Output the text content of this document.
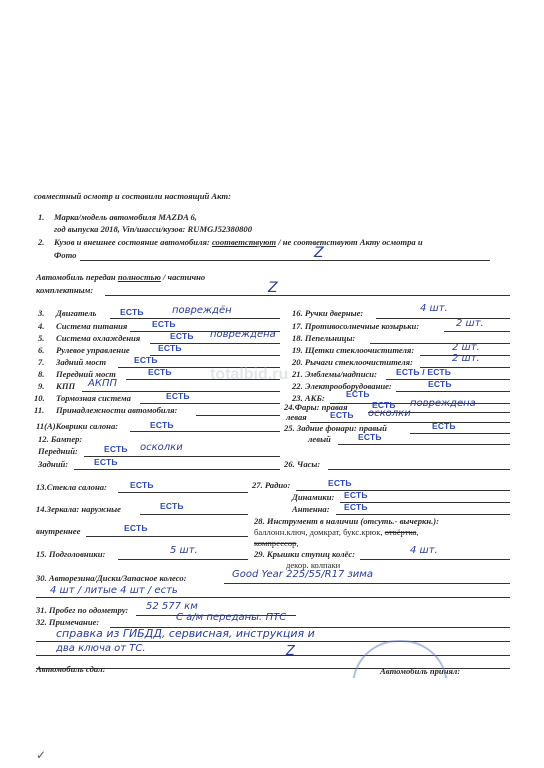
совместный осмотр и составили настоящий Акт:
1. Марка/модель автомобиля MAZDA 6,
год выпуска 2018, Vin/шасси/кузов: RUMGJ52380800
2. Кузов и внешнее состояние автомобиля: соответствуют / не соответствуют Акту осмотра и
Фото	Z
Автомобиль передан полностью / частично
комплектным:	Z
3. Двигатель	ЕСТЬ	повреждён
4. Система питания	ЕСТЬ
5. Система охлаждения	ЕСТЬ повреждена
6. Рулевое управление	ЕСТЬ
7. Задний мост	ЕСТЬ
8. Передний мост	ЕСТЬ
9. КПП АКПП
10. Тормозная система	ЕСТЬ
11. Принадлежности автомобиля:
16. Ручки дверные:	4 шт.
17. Противосолнечные козырьки:	2 шт.
18. Пепельницы:
19. Щетки стеклоочистителя:	2 шт.
20. Рычаги стеклоочистителя:	2 шт.
21. Эмблемы/надписи: ЕСТЬ / ЕСТЬ
22. Электрооборудование:	ЕСТЬ
23. АКБ: ЕСТЬ
24.Фары: правая	ЕСТЬ повреждена
левая	ЕСТЬ осколки
11(А)Коврики салона:	ЕСТЬ	25. Задние фонари: правый	ЕСТЬ
левый	ЕСТЬ
12. Бампер:
Передний:	ЕСТЬ осколки
Задний:	ЕСТЬ	26. Часы:
13.Стекла салона:	ЕСТЬ	27. Радио:	ЕСТЬ
Динамики: ЕСТЬ
Антенна: ЕСТЬ
14.Зеркала: наружные	ЕСТЬ
28. Инструмент в наличии (отсуть.- вычеркн.):
баллонн.ключ, домкрат, букс.крюк, отвёртка,
компрессор,
внутреннее	ЕСТЬ
15. Подголовники:	5 шт.	29. Крышки ступиц колёс:	4 шт.
декор. колпаки
30. Авторезина/Диски/Запасное колесо:	Good Year 225/55/R17 зима
4 шт / литые 4 шт / есть
31. Пробег по одометру: 52 577 км
32. Примечание:	С а/м переданы: ПТС
справка из ГИБДД, сервисная, инструкция и
два ключа от ТС.	Z
Автомобиль сдал:	Автомобиль принял:
totalbid.ru
✓
